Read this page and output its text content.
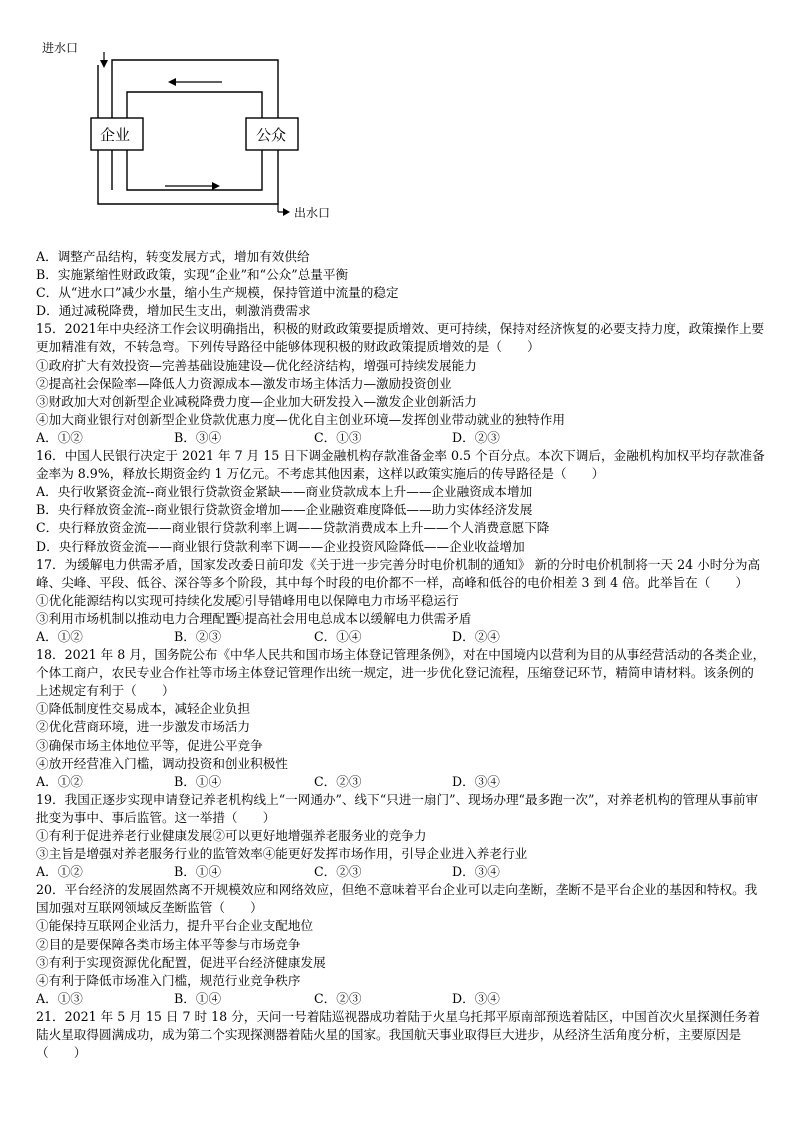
进水口
企业	公众
出水口
A．调整产品结构，转变发展方式，增加有效供给
B．实施紧缩性财政政策，实现“企业”和“公众”总量平衡
C．从“进水口”减少水量，缩小生产规模，保持管道中流量的稳定
D．通过减税降费，增加民生支出，刺激消费需求
15．2021年中央经济工作会议明确指出，积极的财政政策要提质增效、更可持续，保持对经济恢复的必要支持力度，政策操作上要更加精准有效，不转急弯。下列传导路径中能够体现积极的财政政策提质增效的是（　　）
①政府扩大有效投资—完善基础设施建设—优化经济结构，增强可持续发展能力
②提高社会保险率—降低人力资源成本—激发市场主体活力—激励投资创业
③财政加大对创新型企业减税降费力度—企业加大研发投入—激发企业创新活力
④加大商业银行对创新型企业贷款优惠力度—优化自主创业环境—发挥创业带动就业的独特作用
A．①②	B．③④	C．①③	D．②③
16．中国人民银行决定于 2021 年 7 月 15 日下调金融机构存款准备金率 0.5 个百分点。本次下调后，金融机构加权平均存款准备金率为 8.9%，释放长期资金约 1 万亿元。不考虑其他因素，这样以政策实施后的传导路径是（　　）
A．央行收紧资金流--商业银行贷款资金紧缺——商业贷款成本上升——企业融资成本增加
B．央行释放资金流--商业银行贷款资金增加——企业融资难度降低——助力实体经济发展
C．央行释放资金流——商业银行贷款利率上调——贷款消费成本上升——个人消费意愿下降
D．央行释放资金流——商业银行贷款利率下调——企业投资风险降低——企业收益增加
17．为缓解电力供需矛盾，国家发改委日前印发《关于进一步完善分时电价机制的通知》 新的分时电价机制将一天 24 小时分为高峰、尖峰、平段、低谷、深谷等多个阶段，其中每个时段的电价都不一样，高峰和低谷的电价相差 3 到 4 倍。此举旨在（　　）
①优化能源结构以实现可持续化发展
②引导错峰用电以保障电力市场平稳运行
③利用市场机制以推动电力合理配置
④提高社会用电总成本以缓解电力供需矛盾
A．①②	B．②③	C．①④	D．②④
18．2021 年 8 月，国务院公布《中华人民共和国市场主体登记管理条例》，对在中国境内以营利为目的从事经营活动的各类企业，个体工商户，农民专业合作社等市场主体登记管理作出统一规定，进一步优化登记流程，压缩登记环节，精简申请材料。该条例的上述规定有利于（　　）
①降低制度性交易成本，减轻企业负担
②优化营商环境，进一步激发市场活力
③确保市场主体地位平等，促进公平竞争
④放开经营准入门槛，调动投资和创业积极性
A．①②	B．①④	C．②③	D．③④
19．我国正逐步实现申请登记养老机构线上“一网通办”、线下“只进一扇门”、现场办理“最多跑一次”，对养老机构的管理从事前审批变为事中、事后监管。这一举措（　　）
①有利于促进养老行业健康发展②可以更好地增强养老服务业的竞争力
③主旨是增强对养老服务行业的监管效率④能更好发挥市场作用，引导企业进入养老行业
A．①②	B．①④	C．②③	D．③④
20．平台经济的发展固然离不开规模效应和网络效应，但绝不意味着平台企业可以走向垄断，垄断不是平台企业的基因和特权。我国加强对互联网领域反垄断监管（　　）
①能保持互联网企业活力，提升平台企业支配地位
②目的是要保障各类市场主体平等参与市场竞争
③有利于实现资源优化配置，促进平台经济健康发展
④有利于降低市场准入门槛，规范行业竞争秩序
A．①③	B．①④	C．②③	D．③④
21．2021 年 5 月 15 日 7 时 18 分，天问一号着陆巡视器成功着陆于火星乌托邦平原南部预选着陆区，中国首次火星探测任务着陆火星取得圆满成功，成为第二个实现探测器着陆火星的国家。我国航天事业取得巨大进步，从经济生活角度分析，主要原因是（　　）
